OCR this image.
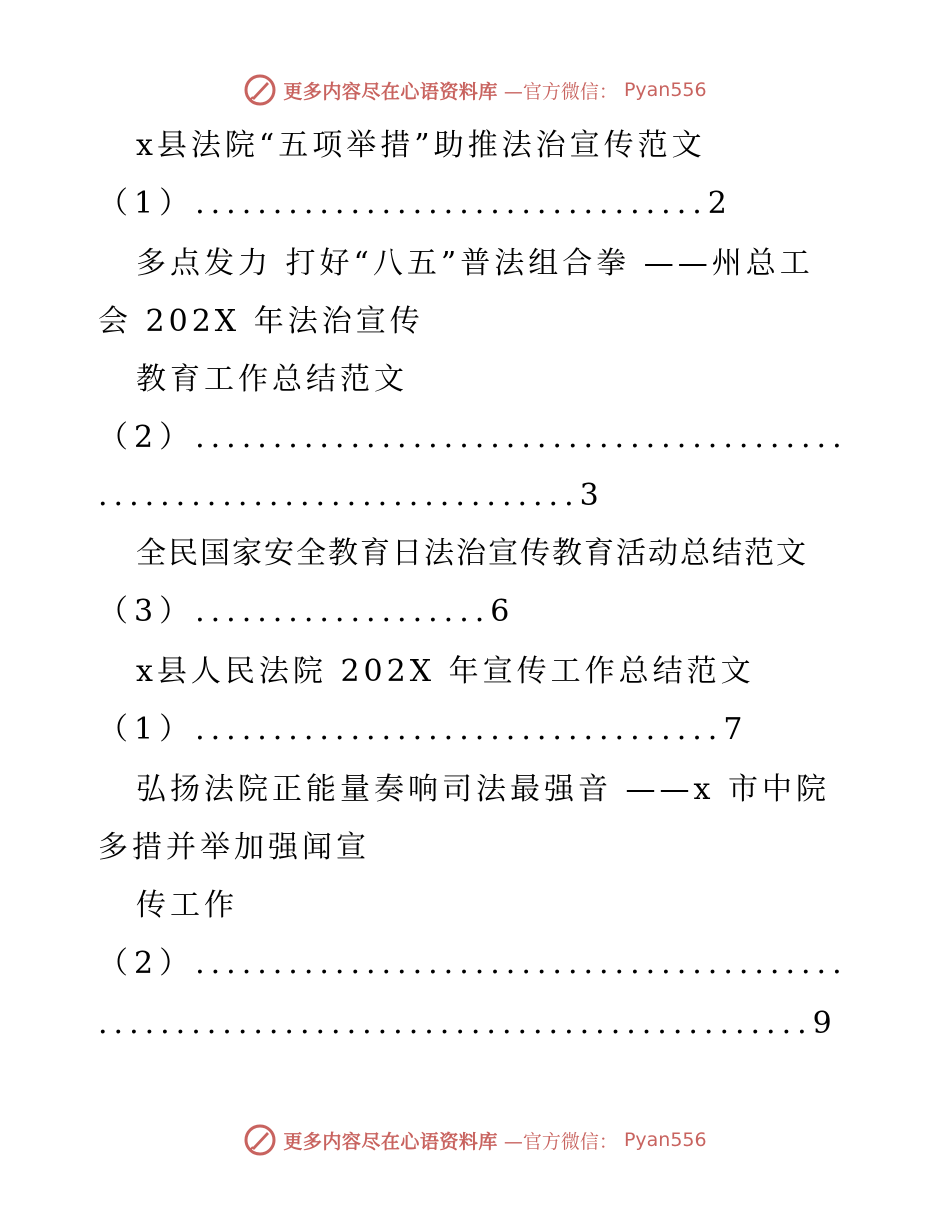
更多内容尽在心语资料库 —官方微信： Pyan556
x县法院“五项举措”助推法治宣传范文
（1）.................................2
多点发力 打好“八五”普法组合拳 ——州总工
会 202X 年法治宣传
教育工作总结范文
（2）..........................................
...............................3
全民国家安全教育日法治宣传教育活动总结范文
（3）...................6
x县人民法院 202X 年宣传工作总结范文
（1）..................................7
弘扬法院正能量奏响司法最强音 ——x 市中院
多措并举加强闻宣
传工作
（2）..........................................
..............................................9
更多内容尽在心语资料库 —官方微信： Pyan556
